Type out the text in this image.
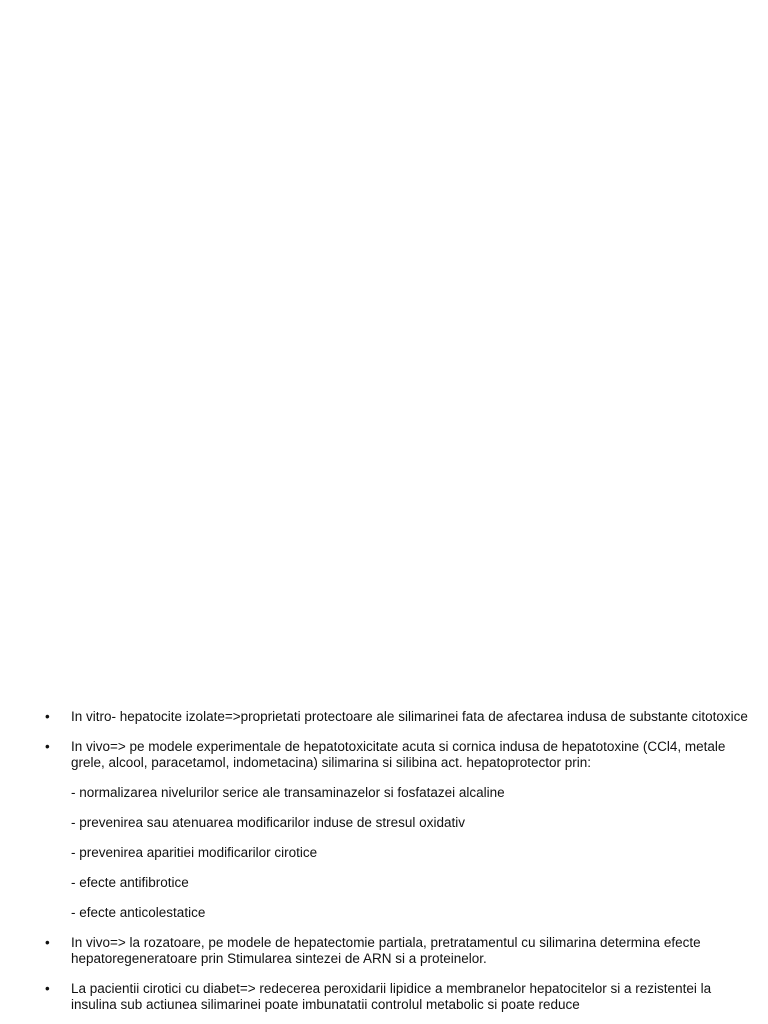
• In vitro- hepatocite izolate=>proprietati protectoare ale silimarinei fata de afectarea indusa de substante citotoxice
• In vivo=> pe modele experimentale de hepatotoxicitate acuta si cornica indusa de hepatotoxine (CCl4, metale grele, alcool, paracetamol, indometacina) silimarina si silibina act. hepatoprotector prin:
- normalizarea nivelurilor serice ale transaminazelor si fosfatazei alcaline
- prevenirea sau atenuarea modificarilor induse de stresul oxidativ
- prevenirea aparitiei modificarilor cirotice
- efecte antifibrotice
- efecte anticolestatice
• In vivo=> la rozatoare, pe modele de hepatectomie partiala, pretratamentul cu silimarina determina efecte hepatoregeneratoare prin Stimularea sintezei de ARN si a proteinelor.
• La pacientii cirotici cu diabet=> redecerea peroxidarii lipidice a membranelor hepatocitelor si a rezistentei la insulina sub actiunea silimarinei poate imbunatatii controlul metabolic si poate reduce
